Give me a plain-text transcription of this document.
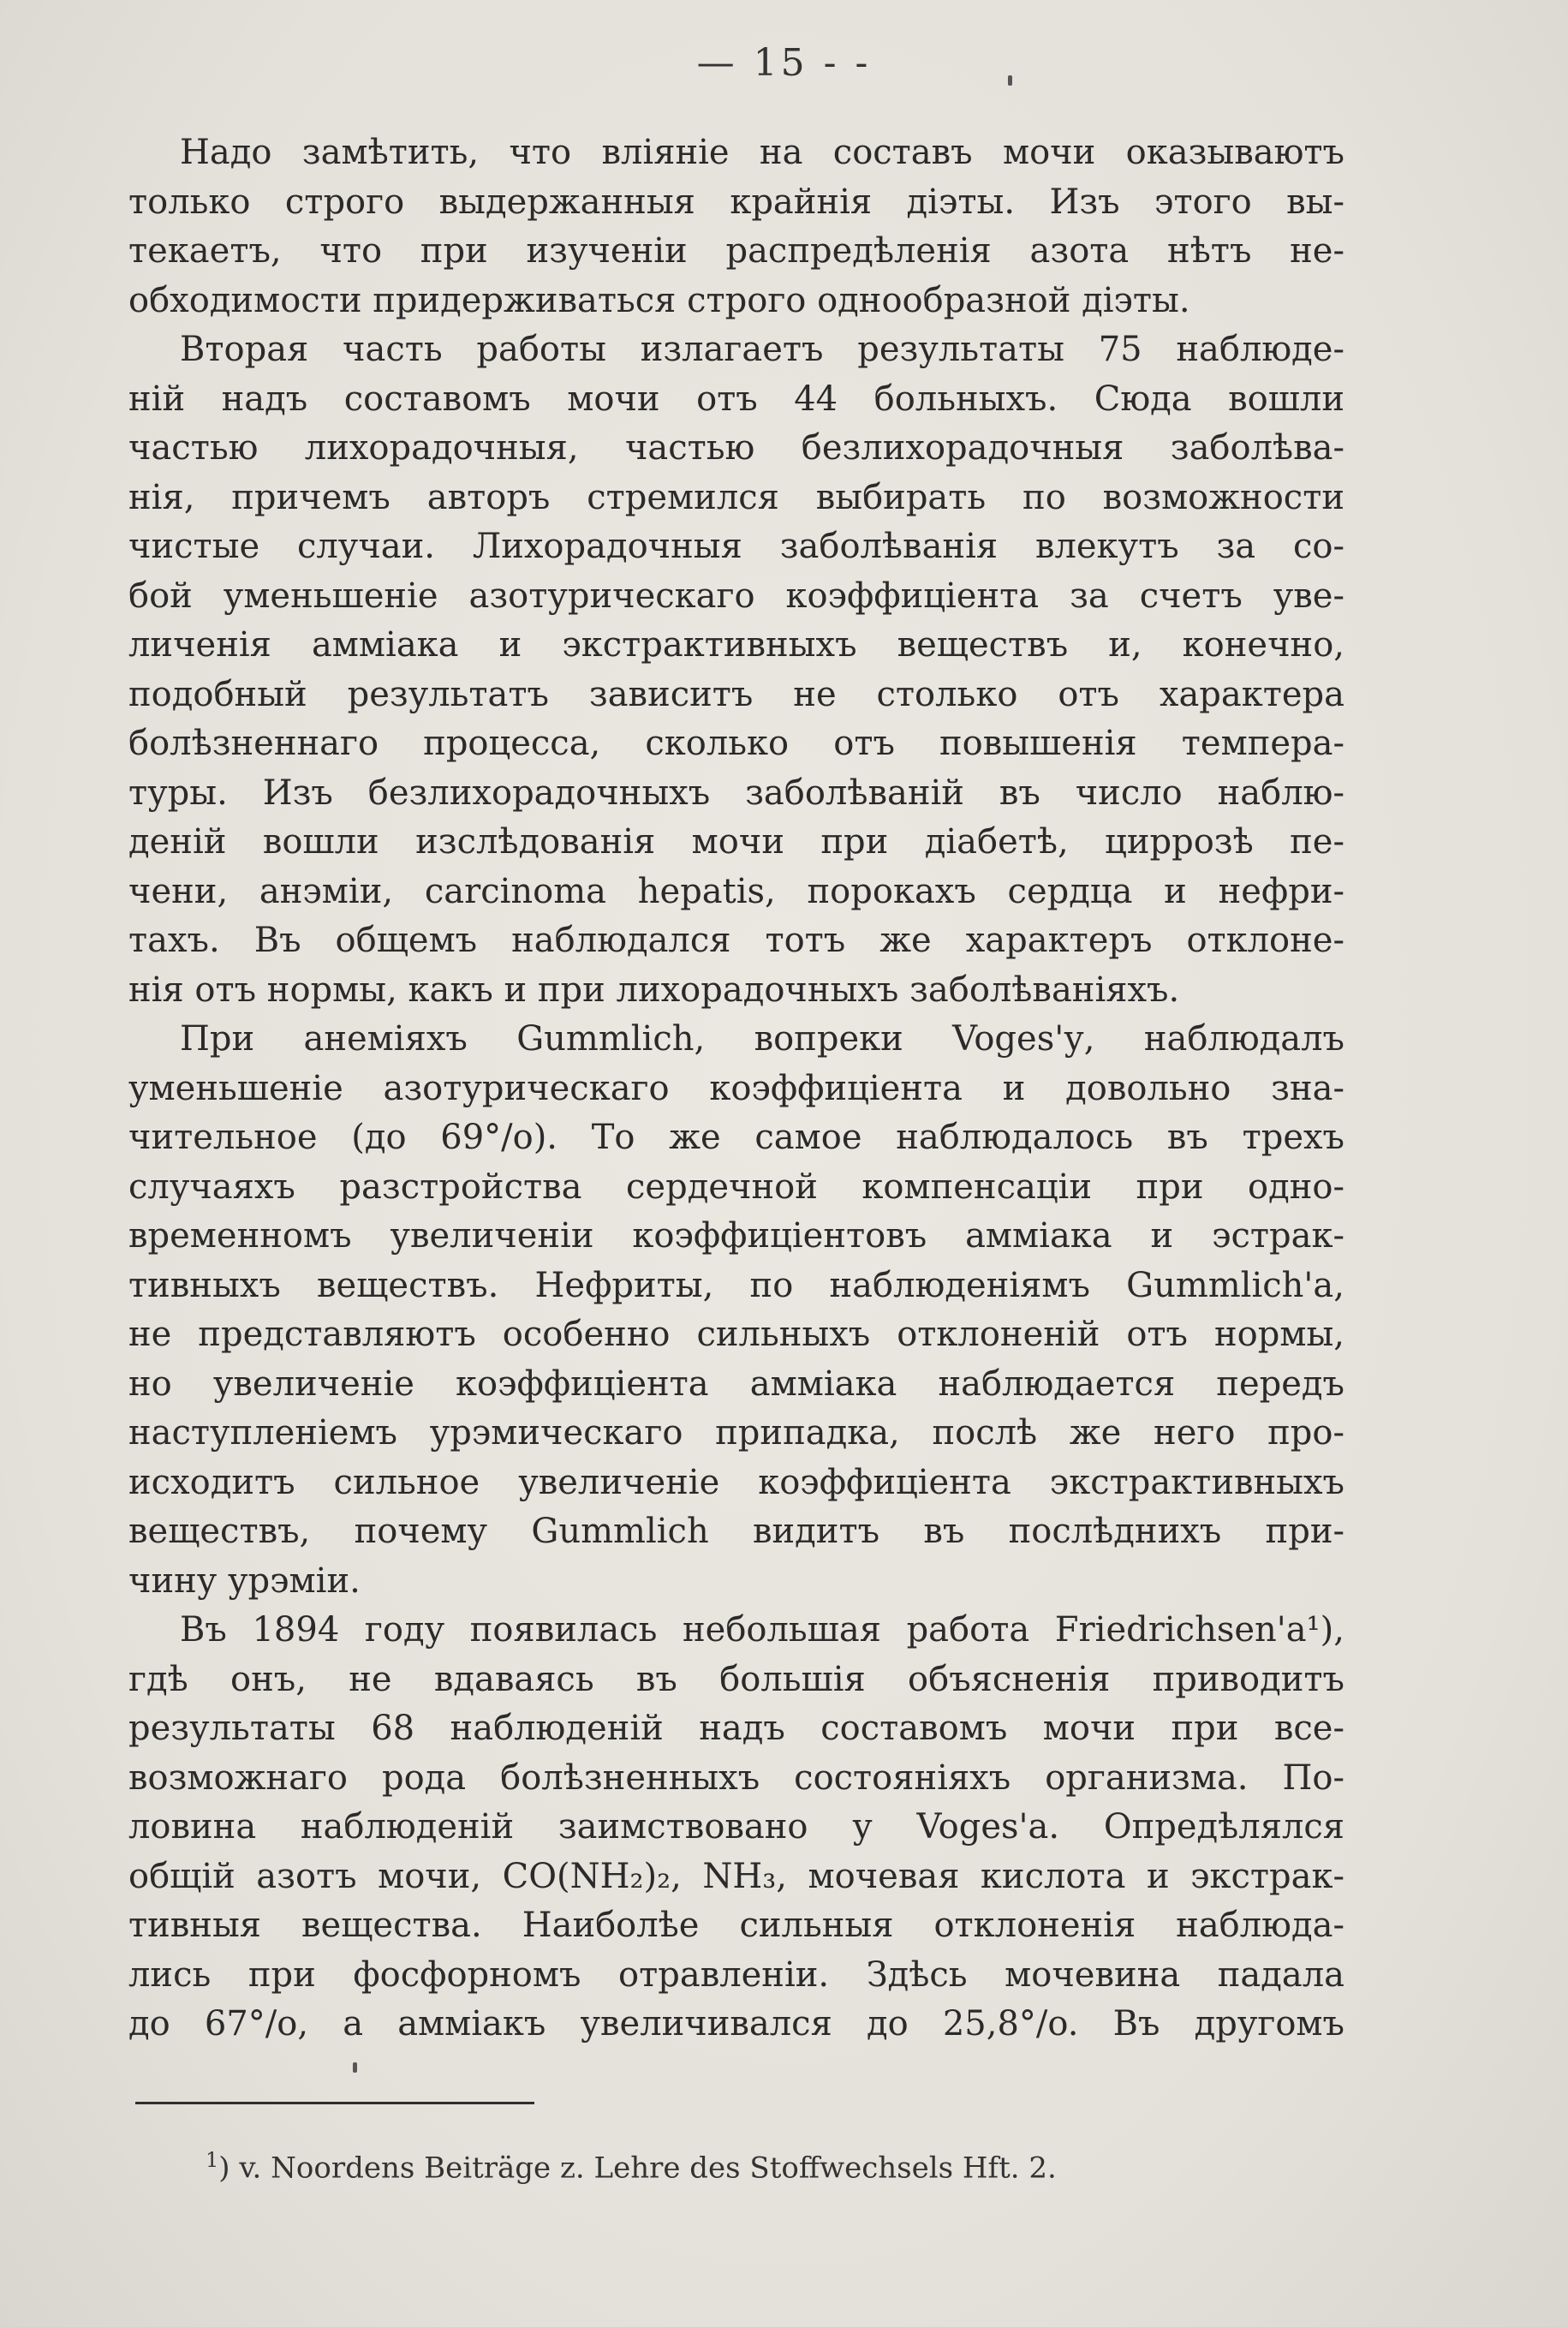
— 15 - -
Надо замѣтить, что вліяніе на составъ мочи оказываютъ
только строго выдержанныя крайнія діэты. Изъ этого вы-
текаетъ, что при изученіи распредѣленія азота нѣтъ не-
обходимости придерживаться строго однообразной діэты.
Вторая часть работы излагаетъ результаты 75 наблюде-
ній надъ составомъ мочи отъ 44 больныхъ. Сюда вошли
частью лихорадочныя, частью безлихорадочныя заболѣва-
нія, причемъ авторъ стремился выбирать по возможности
чистые случаи. Лихорадочныя заболѣванія влекутъ за со-
бой уменьшеніе азотурическаго коэффиціента за счетъ уве-
личенія амміака и экстрактивныхъ веществъ и, конечно,
подобный результатъ зависитъ не столько отъ характера
болѣзненнаго процесса, сколько отъ повышенія темпера-
туры. Изъ безлихорадочныхъ заболѣваній въ число наблю-
деній вошли изслѣдованія мочи при діабетѣ, циррозѣ пе-
чени, анэміи, carcinoma hepatis, порокахъ сердца и нефри-
тахъ. Въ общемъ наблюдался тотъ же характеръ отклоне-
нія отъ нормы, какъ и при лихорадочныхъ заболѣваніяхъ.
При анеміяхъ Gummlich, вопреки Voges'у, наблюдалъ
уменьшеніе азотурическаго коэффиціента и довольно зна-
чительное (до 69°/o). То же самое наблюдалось въ трехъ
случаяхъ разстройства сердечной компенсаціи при одно-
временномъ увеличеніи коэффиціентовъ амміака и эстрак-
тивныхъ веществъ. Нефриты, по наблюденіямъ Gummlich'а,
не представляютъ особенно сильныхъ отклоненій отъ нормы,
но увеличеніе коэффиціента амміака наблюдается передъ
наступленіемъ урэмическаго припадка, послѣ же него про-
исходитъ сильное увеличеніе коэффиціента экстрактивныхъ
веществъ, почему Gummlich видитъ въ послѣднихъ при-
чину урэміи.
Въ 1894 году появилась небольшая работа Friedrichsen'а¹),
гдѣ онъ, не вдаваясь въ большія объясненія приводитъ
результаты 68 наблюденій надъ составомъ мочи при все-
возможнаго рода болѣзненныхъ состояніяхъ организма. По-
ловина наблюденій заимствовано у Voges'а. Опредѣлялся
общій азотъ мочи, CO(NH₂)₂, NH₃, мочевая кислота и экстрак-
тивныя вещества. Наиболѣе сильныя отклоненія наблюда-
лись при фосфорномъ отравленіи. Здѣсь мочевина падала
до 67°/o, а амміакъ увеличивался до 25,8°/o. Въ другомъ
$^1$) v. Noordens Beiträge z. Lehre des Stoffwechsels Hft. 2.
